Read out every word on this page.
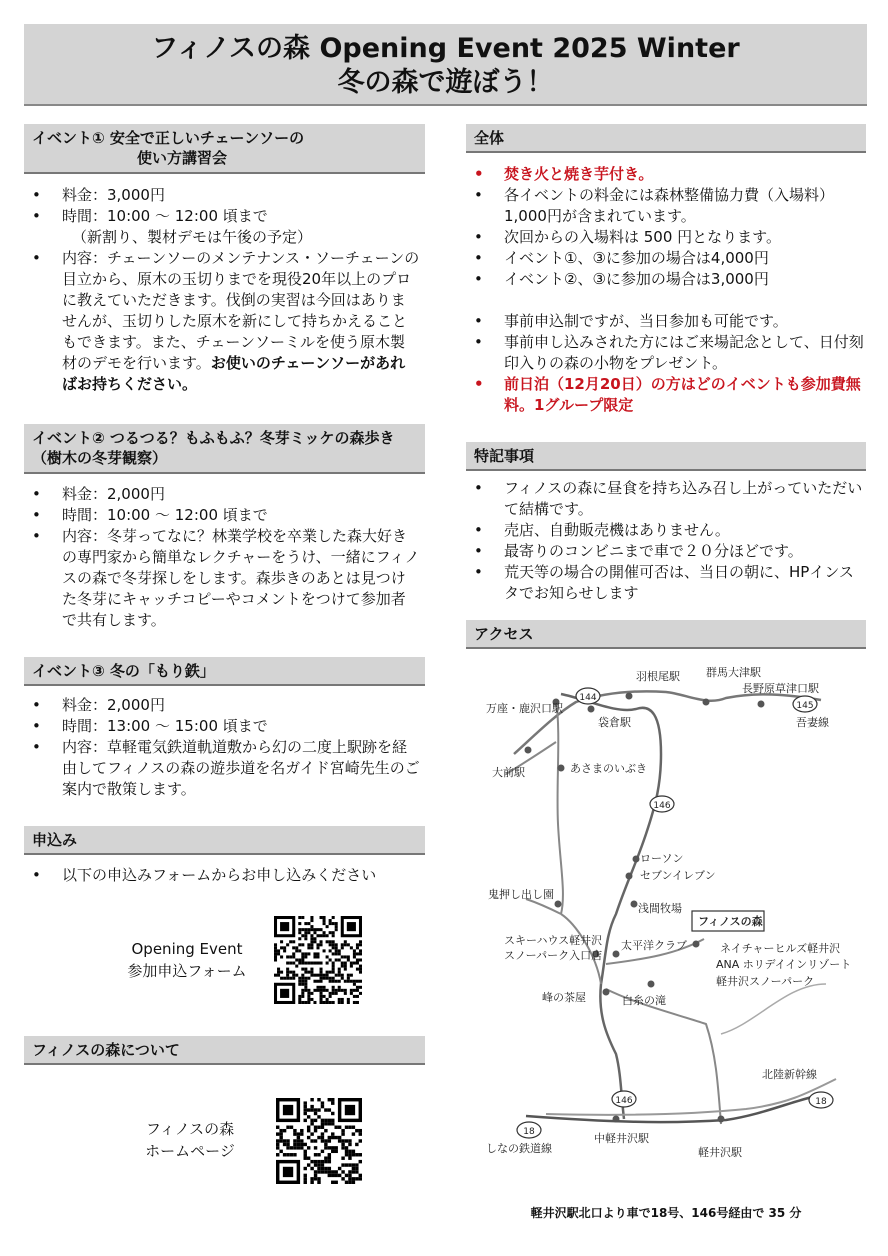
フィノスの森 Opening Event 2025 Winter
冬の森で遊ぼう！
イベント① 安全で正しいチェーンソーの
使い方講習会
• 料金：3,000円
• 時間：10:00 ～ 12:00 頃まで
（新割り、製材デモは午後の予定）
• 内容：チェーンソーのメンテナンス・ソーチェーンの目立から、原木の玉切りまでを現役20年以上のプロに教えていただきます。伐倒の実習は今回はありませんが、玉切りした原木を新にして持ちかえることもできます。また、チェーンソーミルを使う原木製材のデモを行います。お使いのチェーンソーがあればお持ちください。
イベント② つるつる？もふもふ？冬芽ミッケの森歩き（樹木の冬芽観察）
• 料金：2,000円
• 時間：10:00 ～ 12:00 頃まで
• 内容：冬芽ってなに？林業学校を卒業した森大好きの専門家から簡単なレクチャーをうけ、一緒にフィノスの森で冬芽探しをします。森歩きのあとは見つけた冬芽にキャッチコピーやコメントをつけて参加者で共有します。
イベント③ 冬の「もり鉄」
• 料金：2,000円
• 時間：13:00 ～ 15:00 頃まで
• 内容：草軽電気鉄道軌道敷から幻の二度上駅跡を経由してフィノスの森の遊歩道を名ガイド宮崎先生のご案内で散策します。
申込み
• 以下の申込みフォームからお申し込みください
Opening Event
参加申込フォーム
フィノスの森について
フィノスの森
ホームページ
全体
• 焚き火と焼き芋付き。
• 各イベントの料金には森林整備協力費（入場料）1,000円が含まれています。
• 次回からの入場料は 500 円となります。
• イベント①、③に参加の場合は4,000円
• イベント②、③に参加の場合は3,000円
• 事前申込制ですが、当日参加も可能です。
• 事前申し込みされた方にはご来場記念として、日付刻印入りの森の小物をプレゼント。
• 前日泊（12月20日）の方はどのイベントも参加費無料。1グループ限定
特記事項
• フィノスの森に昼食を持ち込み召し上がっていただいて結構です。
• 売店、自動販売機はありません。
• 最寄りのコンビニまで車で２０分ほどです。
• 荒天等の場合の開催可否は、当日の朝に、HPインスタでお知らせします
アクセス
144
145
146
146
18
18
羽根尾駅 群馬大津駅
長野原草津口駅
万座・鹿沢口駅
袋倉駅	吾妻線
大前駅	あさまのいぶき
ローソン
セブンイレブン
鬼押し出し園
浅間牧場
フィノスの森
スキーハウス軽井沢
スノーパーク入口店
太平洋クラブ	ネイチャーヒルズ軽井沢
ANA ホリデイインリゾート
軽井沢スノーパーク
峰の茶屋	白糸の滝
北陸新幹線
しなの鉄道線
中軽井沢駅
軽井沢駅
軽井沢駅北口より車で18号、146号経由で 35 分
